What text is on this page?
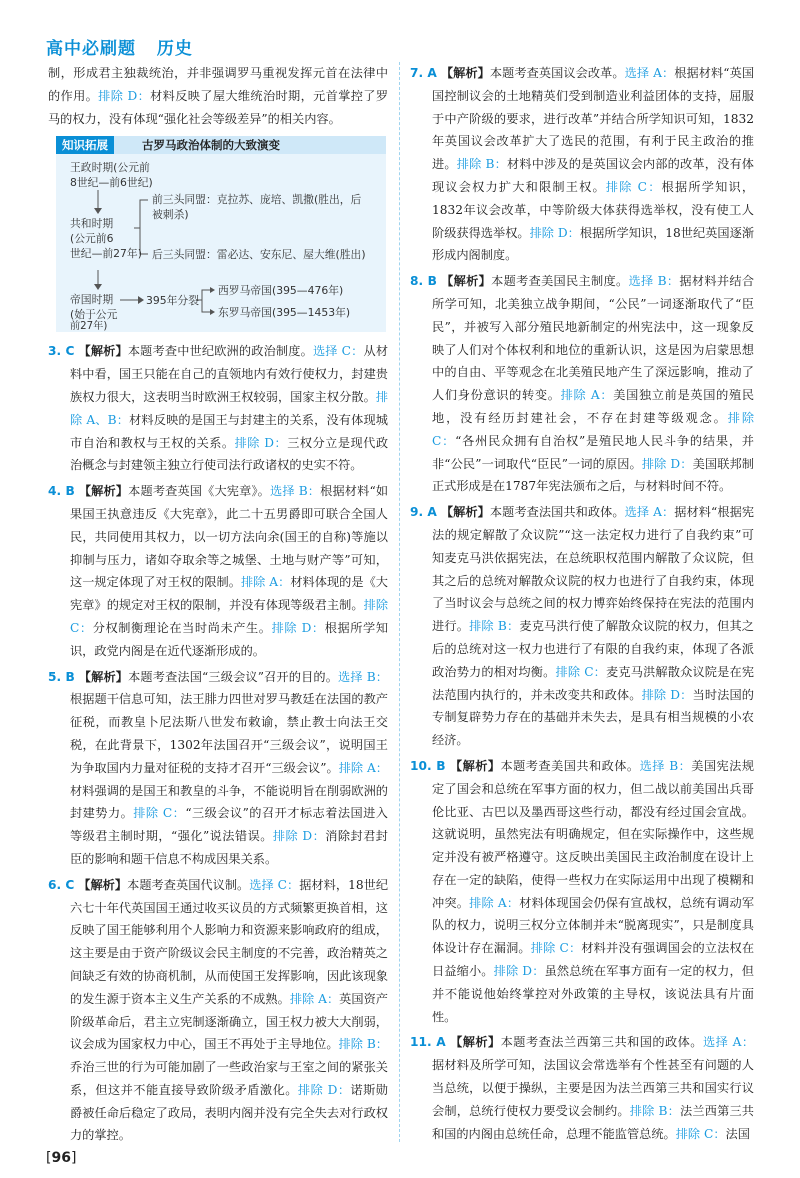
高中必刷题 历史
制，形成君主独裁统治，并非强调罗马重视发挥元首在法律中的作用。排除 D：材料反映了屋大维统治时期，元首掌控了罗马的权力，没有体现“强化社会等级差异”的相关内容。
知识拓展	古罗马政治体制的大致演变
王政时期(公元前
8世纪—前6世纪)
共和时期
(公元前6
世纪—前27年)
前三头同盟：克拉苏、庞培、凯撒(胜出，后
被刺杀)
后三头同盟：雷必达、安东尼、屋大维(胜出)
帝国时期
(始于公元
前27年)
395年分裂
西罗马帝国(395—476年)
东罗马帝国(395—1453年)
3. C 【解析】本题考查中世纪欧洲的政治制度。选择 C：从材料中看，国王只能在自己的直领地内有效行使权力，封建贵族权力很大，这表明当时欧洲王权较弱，国家主权分散。排除 A、B：材料反映的是国王与封建主的关系，没有体现城市自治和教权与王权的关系。排除 D：三权分立是现代政治概念与封建领主独立行使司法行政诸权的史实不符。
4. B 【解析】本题考查英国《大宪章》。选择 B：根据材料“如果国王执意违反《大宪章》，此二十五男爵即可联合全国人民，共同使用其权力，以一切方法向余(国王的自称)等施以抑制与压力，诸如夺取余等之城堡、土地与财产等”可知，这一规定体现了对王权的限制。排除 A：材料体现的是《大宪章》的规定对王权的限制，并没有体现等级君主制。排除 C：分权制衡理论在当时尚未产生。排除 D：根据所学知识，政党内阁是在近代逐渐形成的。
5. B 【解析】本题考查法国“三级会议”召开的目的。选择 B：根据题干信息可知，法王腓力四世对罗马教廷在法国的教产征税，而教皇卜尼法斯八世发布敕谕，禁止教士向法王交税，在此背景下，1302年法国召开“三级会议”，说明国王为争取国内力量对征税的支持才召开“三级会议”。排除 A：材料强调的是国王和教皇的斗争，不能说明旨在削弱欧洲的封建势力。排除 C：“三级会议”的召开才标志着法国进入等级君主制时期，“强化”说法错误。排除 D：消除封君封臣的影响和题干信息不构成因果关系。
6. C 【解析】本题考查英国代议制。选择 C：据材料，18世纪六七十年代英国国王通过收买议员的方式频繁更换首相，这反映了国王能够利用个人影响力和资源来影响政府的组成，这主要是由于资产阶级议会民主制度的不完善，政治精英之间缺乏有效的协商机制，从而使国王发挥影响，因此该现象的发生源于资本主义生产关系的不成熟。排除 A：英国资产阶级革命后，君主立宪制逐渐确立，国王权力被大大削弱，议会成为国家权力中心，国王不再处于主导地位。排除 B：乔治三世的行为可能加剧了一些政治家与王室之间的紧张关系，但这并不能直接导致阶级矛盾激化。排除 D：诺斯勋爵被任命后稳定了政局，表明内阁并没有完全失去对行政权力的掌控。
7. A 【解析】本题考查英国议会改革。选择 A：根据材料“英国国控制议会的土地精英们受到制造业利益团体的支持，屈服于中产阶级的要求，进行改革”并结合所学知识可知，1832年英国议会改革扩大了选民的范围，有利于民主政治的推进。排除 B：材料中涉及的是英国议会内部的改革，没有体现议会权力扩大和限制王权。排除 C：根据所学知识，1832年议会改革，中等阶级大体获得选举权，没有使工人阶级获得选举权。排除 D：根据所学知识，18世纪英国逐渐形成内阁制度。
8. B 【解析】本题考查美国民主制度。选择 B：据材料并结合所学可知，北美独立战争期间，“公民”一词逐渐取代了“臣民”，并被写入部分殖民地新制定的州宪法中，这一现象反映了人们对个体权利和地位的重新认识，这是因为启蒙思想中的自由、平等观念在北美殖民地产生了深远影响，推动了人们身份意识的转变。排除 A：美国独立前是英国的殖民地，没有经历封建社会，不存在封建等级观念。排除 C：“各州民众拥有自治权”是殖民地人民斗争的结果，并非“公民”一词取代“臣民”一词的原因。排除 D：美国联邦制正式形成是在1787年宪法颁布之后，与材料时间不符。
9. A 【解析】本题考查法国共和政体。选择 A：据材料“根据宪法的规定解散了众议院”“这一法定权力进行了自我约束”可知麦克马洪依据宪法，在总统职权范围内解散了众议院，但其之后的总统对解散众议院的权力也进行了自我约束，体现了当时议会与总统之间的权力博弈始终保持在宪法的范围内进行。排除 B：麦克马洪行使了解散众议院的权力，但其之后的总统对这一权力也进行了有限的自我约束，体现了各派政治势力的相对均衡。排除 C：麦克马洪解散众议院是在宪法范围内执行的，并未改变共和政体。排除 D：当时法国的专制复辟势力存在的基础并未失去，是具有相当规模的小农经济。
10. B 【解析】本题考查美国共和政体。选择 B：美国宪法规定了国会和总统在军事方面的权力，但二战以前美国出兵哥伦比亚、古巴以及墨西哥这些行动，都没有经过国会宣战。这就说明，虽然宪法有明确规定，但在实际操作中，这些规定并没有被严格遵守。这反映出美国民主政治制度在设计上存在一定的缺陷，使得一些权力在实际运用中出现了模糊和冲突。排除 A：材料体现国会仍保有宣战权，总统有调动军队的权力，说明三权分立体制并未“脱离现实”，只是制度具体设计存在漏洞。排除 C：材料并没有强调国会的立法权在日益缩小。排除 D：虽然总统在军事方面有一定的权力，但并不能说他始终掌控对外政策的主导权，该说法具有片面性。
11. A 【解析】本题考查法兰西第三共和国的政体。选择 A：据材料及所学可知，法国议会常选举有个性甚至有问题的人当总统，以便于操纵，主要是因为法兰西第三共和国实行议会制，总统行使权力要受议会制约。排除 B：法兰西第三共和国的内阁由总统任命，总理不能监管总统。排除 C：法国
[ 96 ]
